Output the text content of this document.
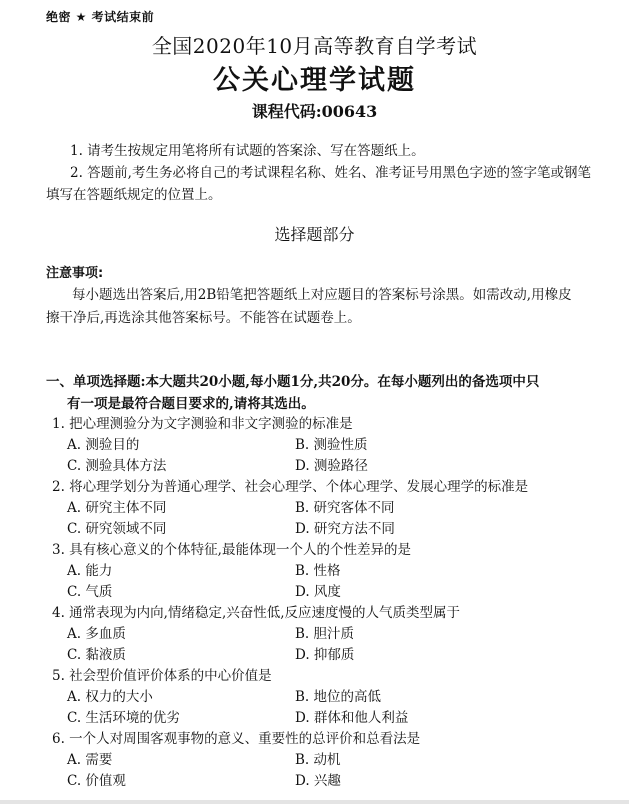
绝密 ★ 考试结束前
全国2020年10月高等教育自学考试
公关心理学试题
课程代码:00643
1. 请考生按规定用笔将所有试题的答案涂、写在答题纸上。
2. 答题前,考生务必将自己的考试课程名称、姓名、准考证号用黑色字迹的签字笔或钢笔
填写在答题纸规定的位置上。
选择题部分
注意事项:
每小题选出答案后,用2B铅笔把答题纸上对应题目的答案标号涂黑。如需改动,用橡皮
擦干净后,再选涂其他答案标号。不能答在试题卷上。
一、单项选择题:本大题共20小题,每小题1分,共20分。在每小题列出的备选项中只
有一项是最符合题目要求的,请将其选出。
1. 把心理测验分为文字测验和非文字测验的标准是
A. 测验目的	B. 测验性质
C. 测验具体方法	D. 测验路径
2. 将心理学划分为普通心理学、社会心理学、个体心理学、发展心理学的标准是
A. 研究主体不同	B. 研究客体不同
C. 研究领域不同	D. 研究方法不同
3. 具有核心意义的个体特征,最能体现一个人的个性差异的是
A. 能力	B. 性格
C. 气质	D. 风度
4. 通常表现为内向,情绪稳定,兴奋性低,反应速度慢的人气质类型属于
A. 多血质	B. 胆汁质
C. 黏液质	D. 抑郁质
5. 社会型价值评价体系的中心价值是
A. 权力的大小	B. 地位的高低
C. 生活环境的优劣	D. 群体和他人利益
6. 一个人对周围客观事物的意义、重要性的总评价和总看法是
A. 需要	B. 动机
C. 价值观	D. 兴趣
